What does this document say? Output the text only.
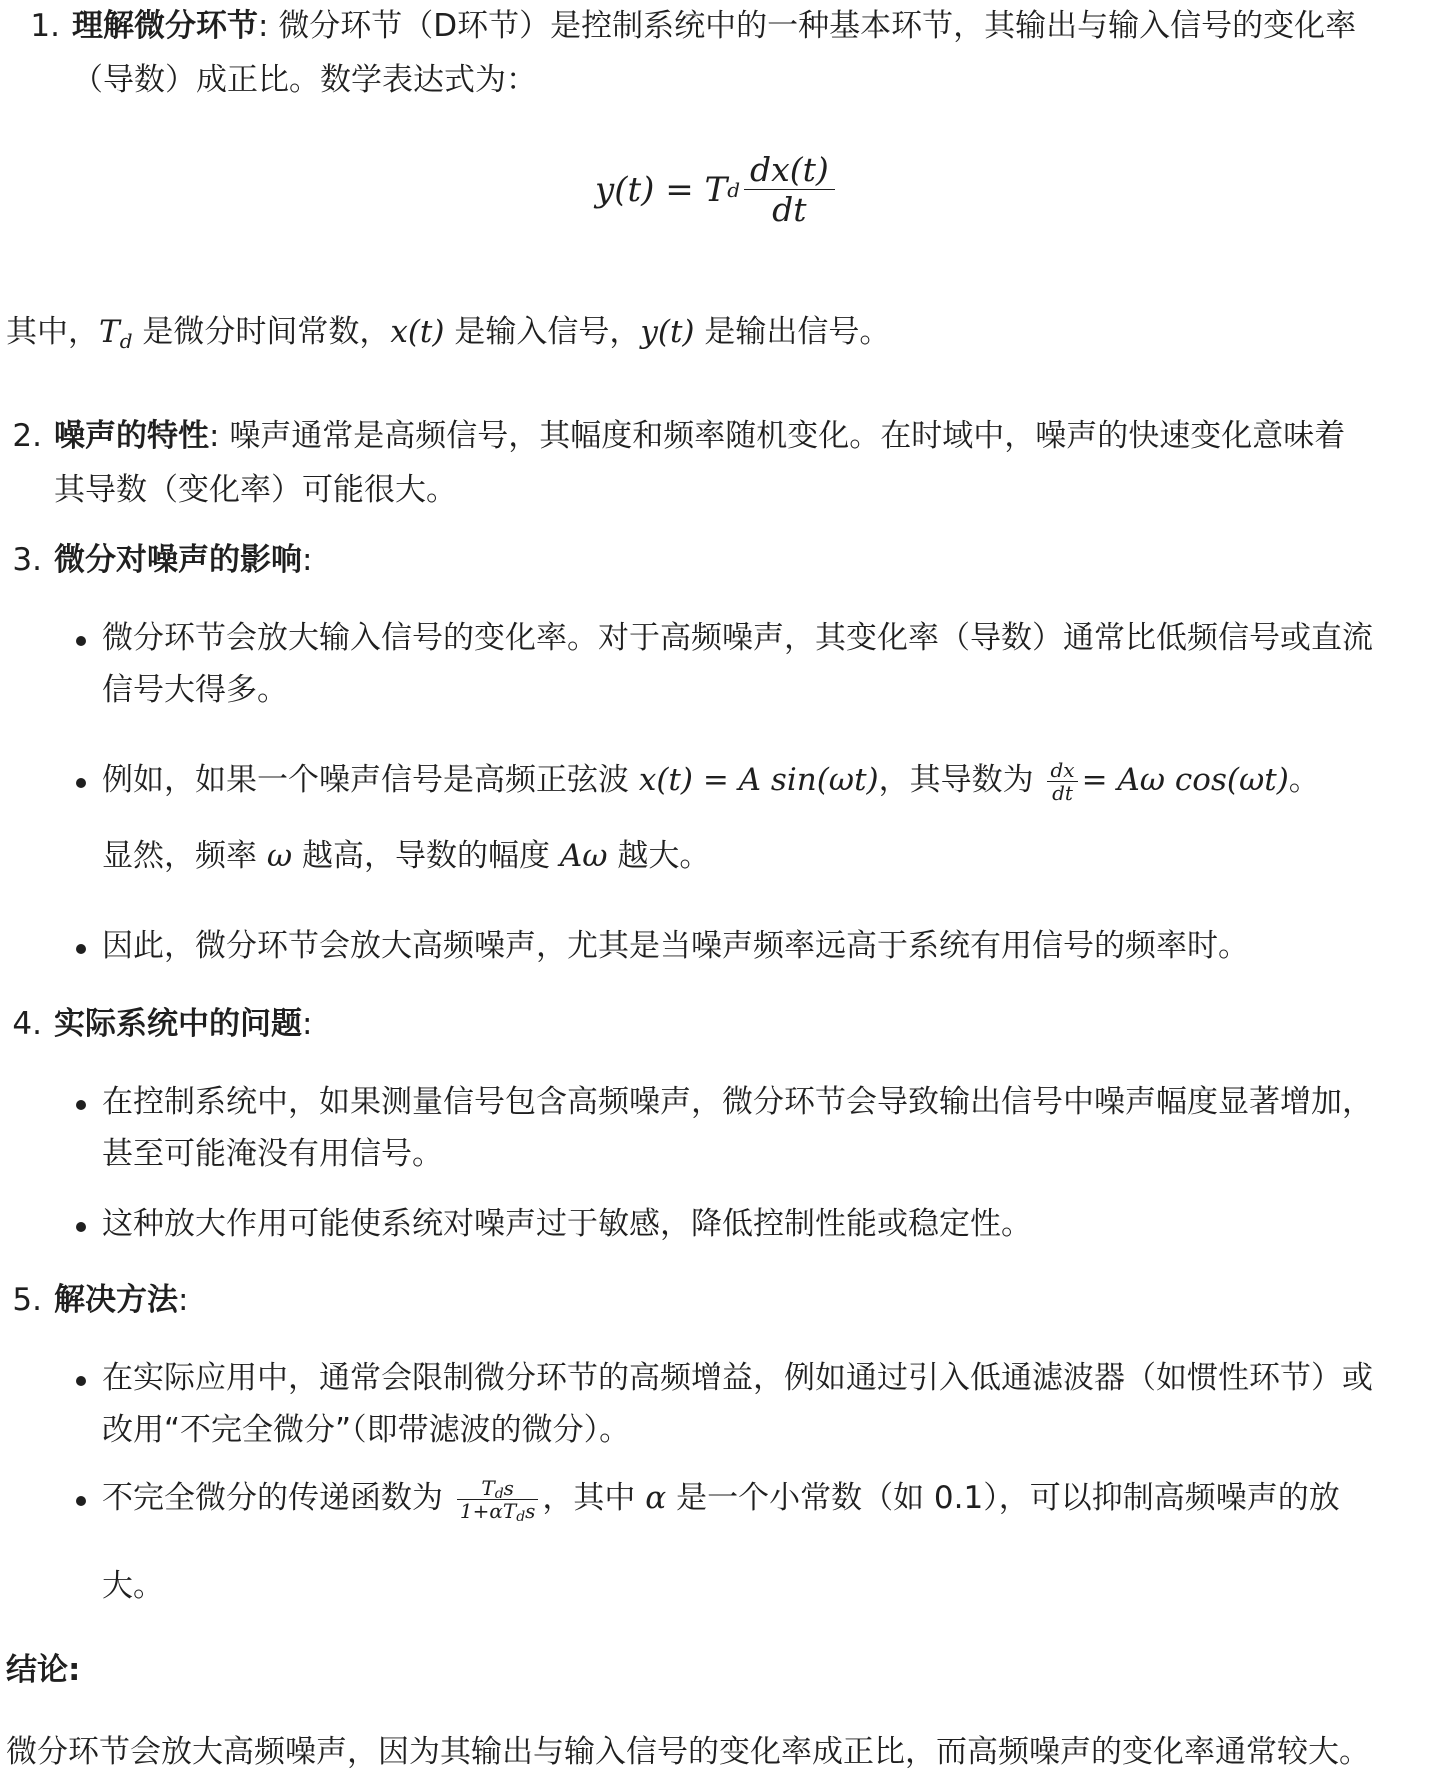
1. 理解微分环节: 微分环节（D环节）是控制系统中的一种基本环节，其输出与输入信号的变化率
（导数）成正比。数学表达式为：
y(t) = T d $\frac{dx(t)}{dt}$
其中，$T_d$ 是微分时间常数，x(t) 是输入信号，y(t) 是输出信号。
2. 噪声的特性: 噪声通常是高频信号，其幅度和频率随机变化。在时域中，噪声的快速变化意味着
其导数（变化率）可能很大。
3. 微分对噪声的影响:
微分环节会放大输入信号的变化率。对于高频噪声，其变化率（导数）通常比低频信号或直流
信号大得多。
例如，如果一个噪声信号是高频正弦波 x(t) = A sin(ωt)，其导数为 $\frac{dx}{dt} = A\omega$ cos(ωt)。
显然，频率 ω 越高，导数的幅度 Aω 越大。
因此，微分环节会放大高频噪声，尤其是当噪声频率远高于系统有用信号的频率时。
4. 实际系统中的问题:
在控制系统中，如果测量信号包含高频噪声，微分环节会导致输出信号中噪声幅度显著增加，
甚至可能淹没有用信号。
这种放大作用可能使系统对噪声过于敏感，降低控制性能或稳定性。
5. 解决方法:
在实际应用中，通常会限制微分环节的高频增益，例如通过引入低通滤波器（如惯性环节）或
改用“不完全微分”（即带滤波的微分）。
不完全微分的传递函数为 $\frac{T_ds}{1+\alpha T_ds}$ ，其中 α 是一个小常数（如 0.1），可以抑制高频噪声的放
大。
结论:
微分环节会放大高频噪声，因为其输出与输入信号的变化率成正比，而高频噪声的变化率通常较大。
